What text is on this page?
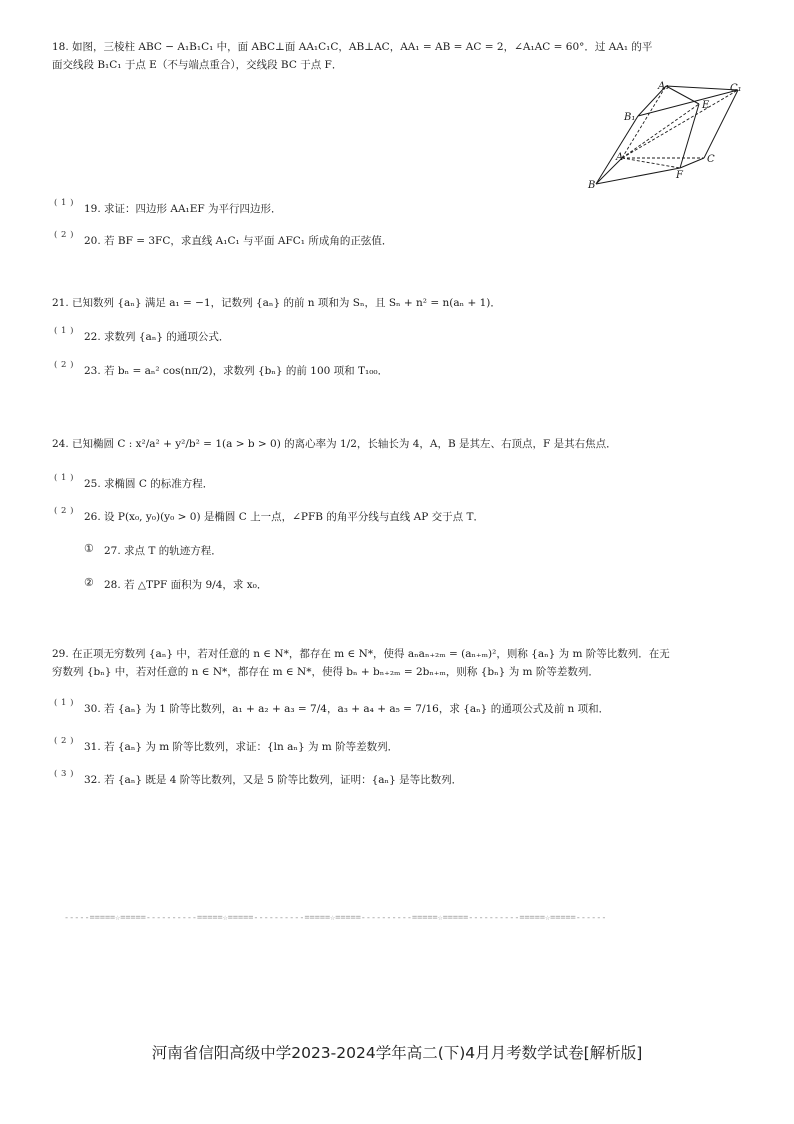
18. 如图，三棱柱 ABC − A₁B₁C₁ 中，面 ABC⊥面 AA₁C₁C，AB⊥AC，AA₁ = AB = AC = 2，∠A₁AC = 60°．过 AA₁ 的平
面交线段 B₁C₁ 于点 E（不与端点重合），交线段 BC 于点 F．
A₁	C₁
B₁
E
A	C
F
B
( 1 ) 19. 求证：四边形 AA₁EF 为平行四边形．
( 2 ) 20. 若 BF = 3FC，求直线 A₁C₁ 与平面 AFC₁ 所成角的正弦值．
21. 已知数列 {aₙ} 满足 a₁ = −1，记数列 {aₙ} 的前 n 项和为 Sₙ，且 Sₙ + n² = n(aₙ + 1)．
( 1 ) 22. 求数列 {aₙ} 的通项公式．
( 2 ) 23. 若 bₙ = aₙ² cos(nπ/2)，求数列 {bₙ} 的前 100 项和 T₁₀₀．
24. 已知椭圆 C : x²/a² + y²/b² = 1(a > b > 0) 的离心率为 1/2，长轴长为 4，A，B 是其左、右顶点，F 是其右焦点．
( 1 ) 25. 求椭圆 C 的标准方程．
( 2 ) 26. 设 P(x₀, y₀)(y₀ > 0) 是椭圆 C 上一点，∠PFB 的角平分线与直线 AP 交于点 T．
① 27. 求点 T 的轨迹方程．
② 28. 若 △TPF 面积为 9/4，求 x₀．
29. 在正项无穷数列 {aₙ} 中，若对任意的 n ∈ N*，都存在 m ∈ N*，使得 aₙaₙ₊₂ₘ = (aₙ₊ₘ)²，则称 {aₙ} 为 m 阶等比数列．在无
穷数列 {bₙ} 中，若对任意的 n ∈ N*，都存在 m ∈ N*，使得 bₙ + bₙ₊₂ₘ = 2bₙ₊ₘ，则称 {bₙ} 为 m 阶等差数列．
( 1 ) 30. 若 {aₙ} 为 1 阶等比数列，a₁ + a₂ + a₃ = 7/4，a₃ + a₄ + a₅ = 7/16，求 {aₙ} 的通项公式及前 n 项和．
( 2 ) 31. 若 {aₙ} 为 m 阶等比数列，求证：{ln aₙ} 为 m 阶等差数列．
( 3 ) 32. 若 {aₙ} 既是 4 阶等比数列，又是 5 阶等比数列，证明：{aₙ} 是等比数列．
-----=====☆=====----------=====☆=====----------=====☆=====----------=====☆=====----------=====☆=====------
河南省信阳高级中学2023-2024学年高二(下)4月月考数学试卷[解析版]
